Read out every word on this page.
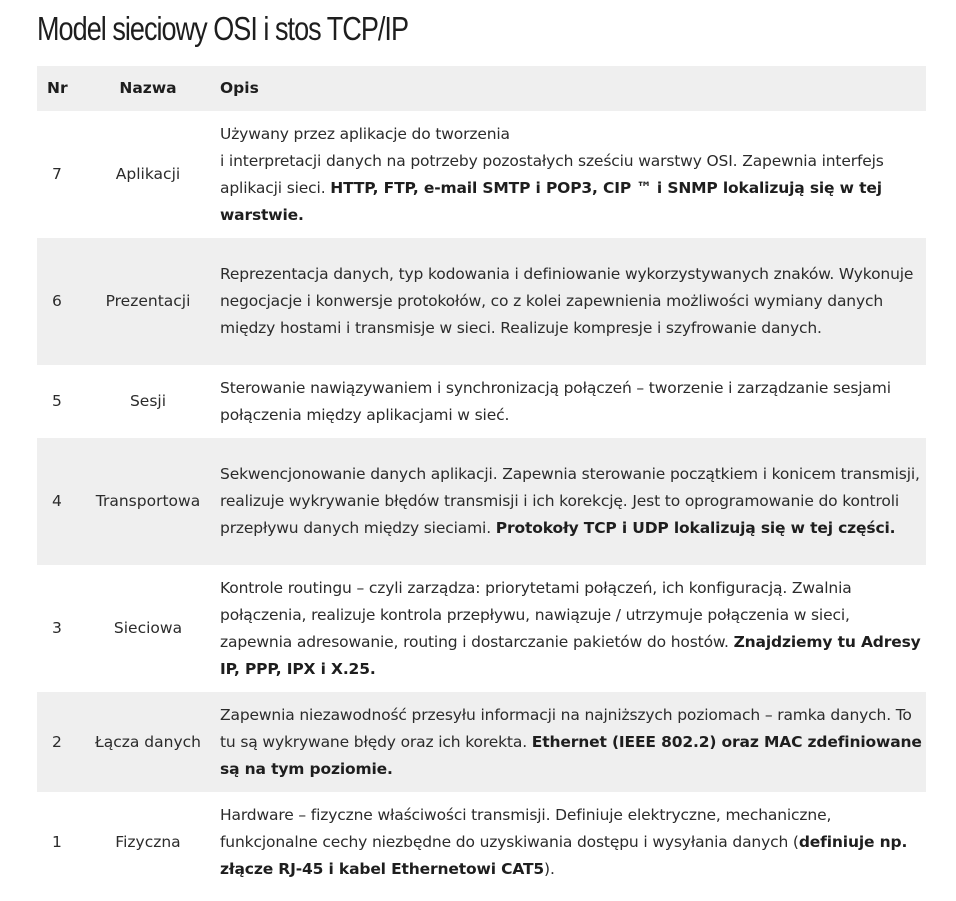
Model sieciowy OSI i stos TCP/IP
Nr	Nazwa	Opis
7	Aplikacji	Używany przez aplikacje do tworzenia
i interpretacji danych na potrzeby pozostałych sześciu warstwy OSI. Zapewnia interfejs aplikacji sieci. HTTP, FTP, e-mail SMTP i POP3, CIP ™ i SNMP lokalizują się w tej warstwie.
6	Prezentacji	Reprezentacja danych, typ kodowania i definiowanie wykorzystywanych znaków. Wykonuje negocjacje i konwersje protokołów, co z kolei zapewnienia możliwości wymiany danych między hostami i transmisje w sieci. Realizuje kompresje i szyfrowanie danych.
5	Sesji	Sterowanie nawiązywaniem i synchronizacją połączeń – tworzenie i zarządzanie sesjami połączenia między aplikacjami w sieć.
4	Transportowa	Sekwencjonowanie danych aplikacji. Zapewnia sterowanie początkiem i konicem transmisji, realizuje wykrywanie błędów transmisji i ich korekcję. Jest to oprogramowanie do kontroli przepływu danych między sieciami. Protokoły TCP i UDP lokalizują się w tej części.
3	Sieciowa	Kontrole routingu – czyli zarządza: priorytetami połączeń, ich konfiguracją. Zwalnia połączenia, realizuje kontrola przepływu, nawiązuje / utrzymuje połączenia w sieci, zapewnia adresowanie, routing i dostarczanie pakietów do hostów. Znajdziemy tu Adresy IP, PPP, IPX i X.25.
2	Łącza danych	Zapewnia niezawodność przesyłu informacji na najniższych poziomach – ramka danych. To tu są wykrywane błędy oraz ich korekta. Ethernet (IEEE 802.2) oraz MAC zdefiniowane są na tym poziomie.
1	Fizyczna	Hardware – fizyczne właściwości transmisji. Definiuje elektryczne, mechaniczne, funkcjonalne cechy niezbędne do uzyskiwania dostępu i wysyłania danych (definiuje np. złącze RJ-45 i kabel Ethernetowi CAT5).
